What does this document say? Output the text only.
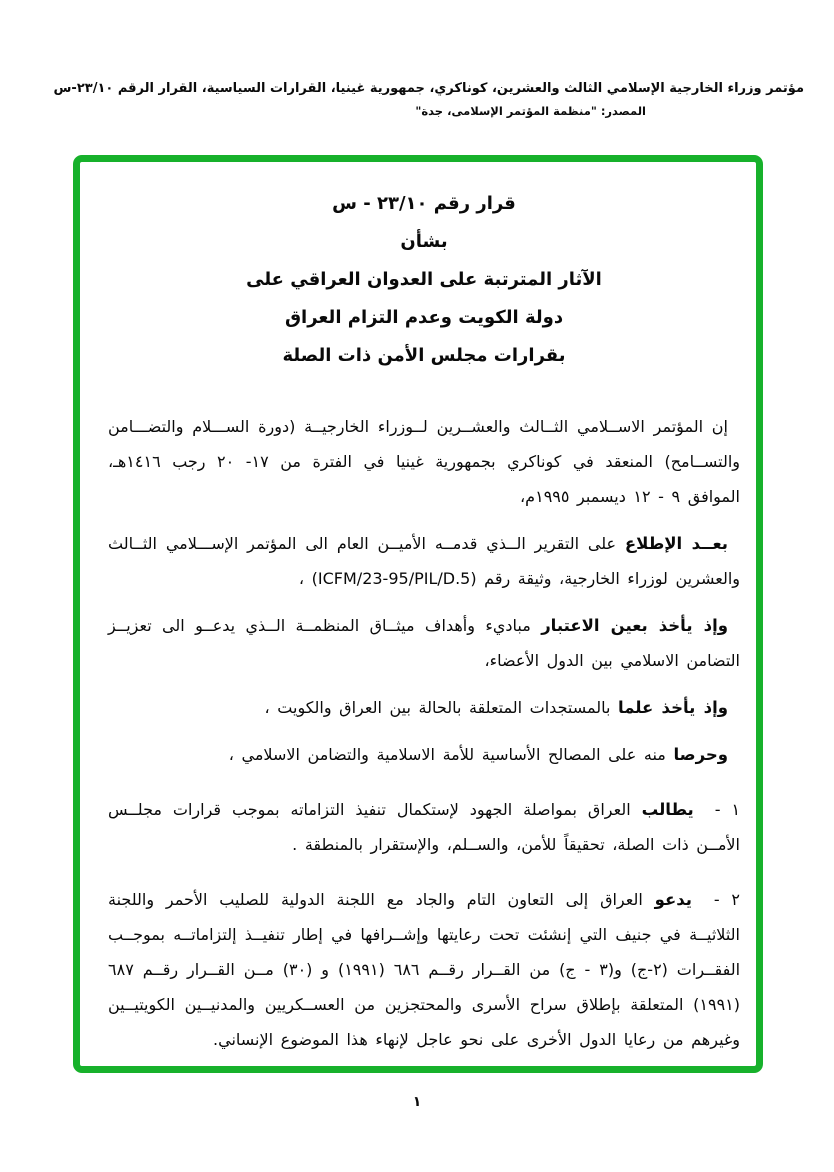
مؤتمر وزراء الخارجية الإسلامي الثالث والعشرين، كوناكري، جمهورية غينيا، القرارات السياسية، القرار الرقم ٢٣/١٠-س
المصدر: "منظمة المؤتمر الإسلامى، جدة"
قرار رقم ٢٣/١٠ - س
بشأن
الآثار المترتبة على العدوان العراقي على
دولة الكويت وعدم التزام العراق
بقرارات مجلس الأمن ذات الصلة

إن المؤتمر الاســلامي الثــالث والعشــرين لــوزراء الخارجيــة (دورة الســـلام والتضـــامن والتســامح) المنعقد في كوناكري بجمهورية غينيا في الفترة من ١٧- ٢٠ رجب ١٤١٦هـ، الموافق ٩ - ١٢ ديسمبر ١٩٩٥م،

بعــد الإطلاع على التقرير الــذي قدمــه الأميــن العام الى المؤتمر الإســـلامي الثــالث والعشرين لوزراء الخارجية، وثيقة رقم (ICFM/23-95/PIL/D.5) ،

وإذ يأخذ بعين الاعتبار مباديء وأهداف ميثــاق المنظمــة الــذي يدعــو الى تعزيــز التضامن الاسلامي بين الدول الأعضاء،

وإذ يأخذ علما بالمستجدات المتعلقة بالحالة بين العراق والكويت ،

وحرصا منه على المصالح الأساسية للأمة الاسلامية والتضامن الاسلامي ،

١ - يطالب العراق بمواصلة الجهود لإستكمال تنفيذ التزاماته بموجب قرارات مجلــس الأمــن ذات الصلة، تحقيقاً للأمن، والســلم، والإستقرار بالمنطقة .

٢ - يدعو العراق إلى التعاون التام والجاد مع اللجنة الدولية للصليب الأحمر واللجنة الثلاثيــة في جنيف التي إنشئت تحت رعايتها وإشــرافها في إطار تنفيــذ إلتزاماتــه بموجــب الفقــرات (٢-ج) و(٣ - ج) من القــرار رقــم ٦٨٦ (١٩٩١) و (٣٠) مــن القــرار رقــم ٦٨٧ (١٩٩١) المتعلقة بإطلاق سراح الأسرى والمحتجزين من العســكريين والمدنيــين الكويتيــين وغيرهم من رعايا الدول الأخرى على نحو عاجل لإنهاء هذا الموضوع الإنساني.

١
